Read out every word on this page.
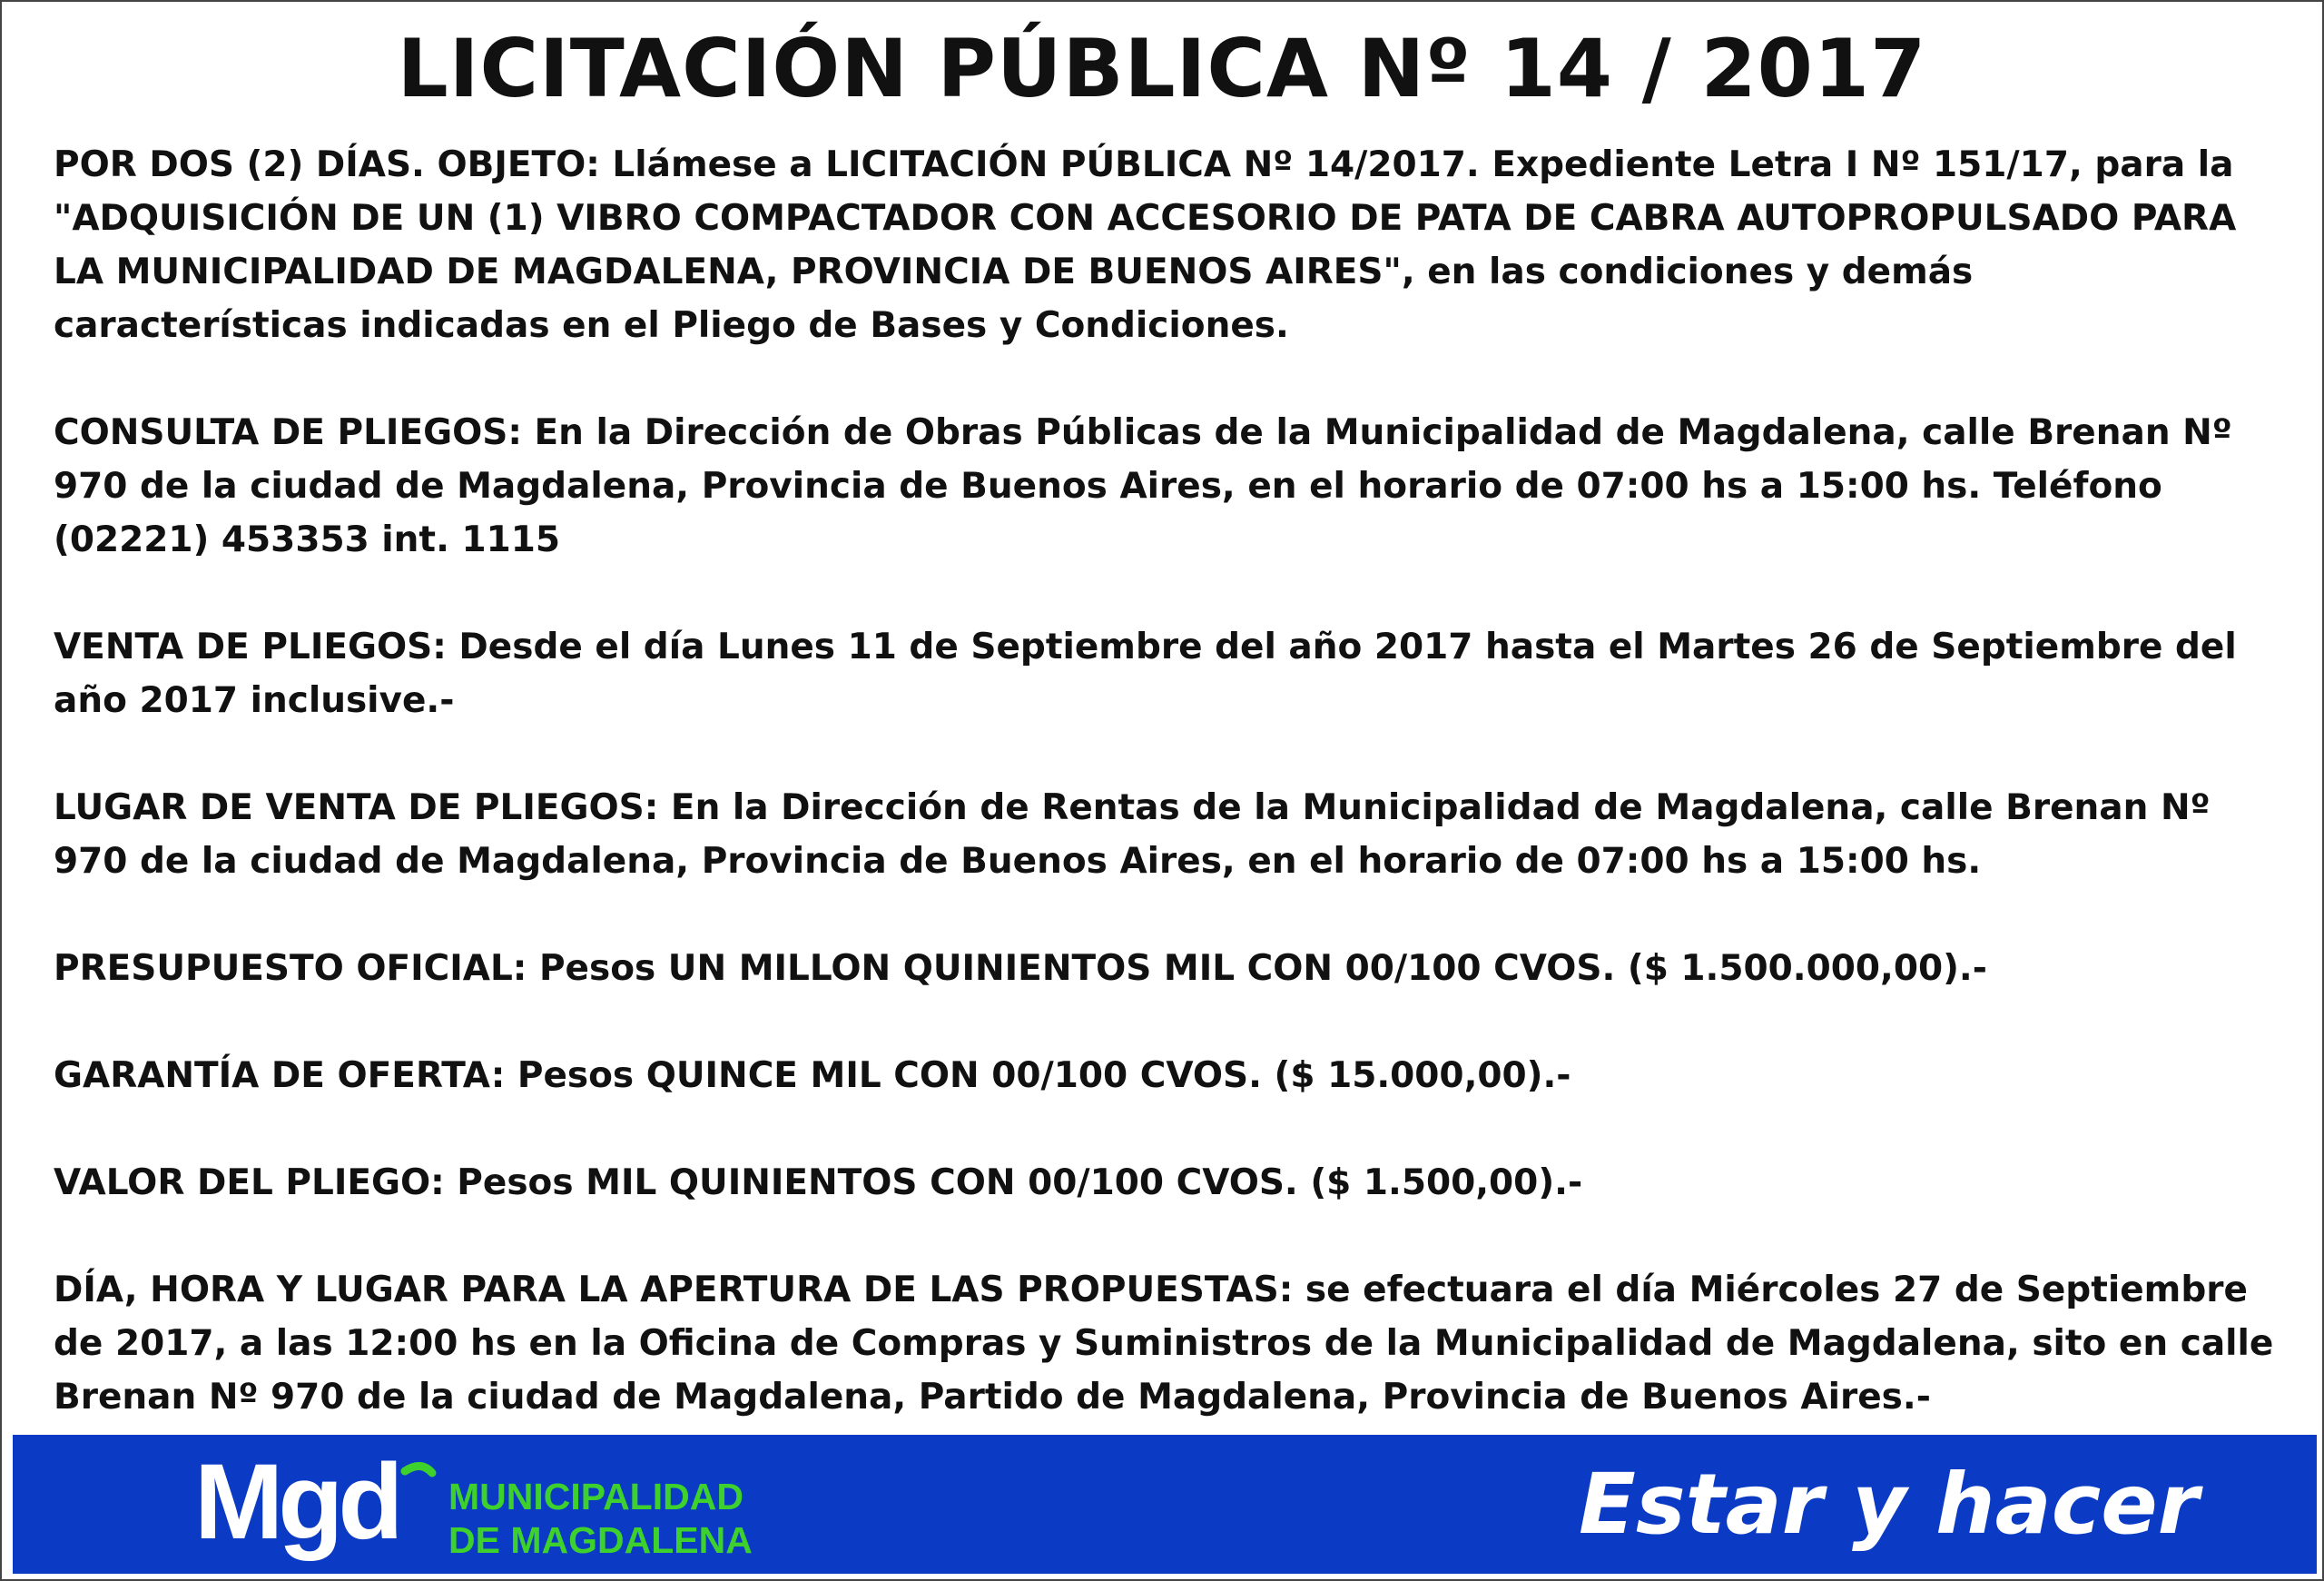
LICITACIÓN PÚBLICA Nº 14 / 2017

POR DOS (2) DÍAS. OBJETO: Llámese a LICITACIÓN PÚBLICA Nº 14/2017. Expediente Letra I Nº 151/17, para la "ADQUISICIÓN DE UN (1) VIBRO COMPACTADOR CON ACCESORIO DE PATA DE CABRA AUTOPROPULSADO PARA LA MUNICIPALIDAD DE MAGDALENA, PROVINCIA DE BUENOS AIRES", en las condiciones y demás características indicadas en el Pliego de Bases y Condiciones.

CONSULTA DE PLIEGOS: En la Dirección de Obras Públicas de la Municipalidad de Magdalena, calle Brenan Nº 970 de la ciudad de Magdalena, Provincia de Buenos Aires, en el horario de 07:00 hs a 15:00 hs. Teléfono (02221) 453353 int. 1115

VENTA DE PLIEGOS: Desde el día Lunes 11 de Septiembre del año 2017 hasta el Martes 26 de Septiembre del año 2017 inclusive.-

LUGAR DE VENTA DE PLIEGOS: En la Dirección de Rentas de la Municipalidad de Magdalena, calle Brenan Nº 970 de la ciudad de Magdalena, Provincia de Buenos Aires, en el horario de 07:00 hs a 15:00 hs.

PRESUPUESTO OFICIAL: Pesos UN MILLON QUINIENTOS MIL CON 00/100 CVOS. ($ 1.500.000,00).-

GARANTÍA DE OFERTA: Pesos QUINCE MIL CON 00/100 CVOS. ($ 15.000,00).-

VALOR DEL PLIEGO: Pesos MIL QUINIENTOS CON 00/100 CVOS. ($ 1.500,00).-

DÍA, HORA Y LUGAR PARA LA APERTURA DE LAS PROPUESTAS: se efectuara el día Miércoles 27 de Septiembre de 2017, a las 12:00 hs en la Oficina de Compras y Suministros de la Municipalidad de Magdalena, sito en calle Brenan Nº 970 de la ciudad de Magdalena, Partido de Magdalena, Provincia de Buenos Aires.-

Mgd MUNICIPALIDAD
DE MAGDALENA	Estar y hacer
